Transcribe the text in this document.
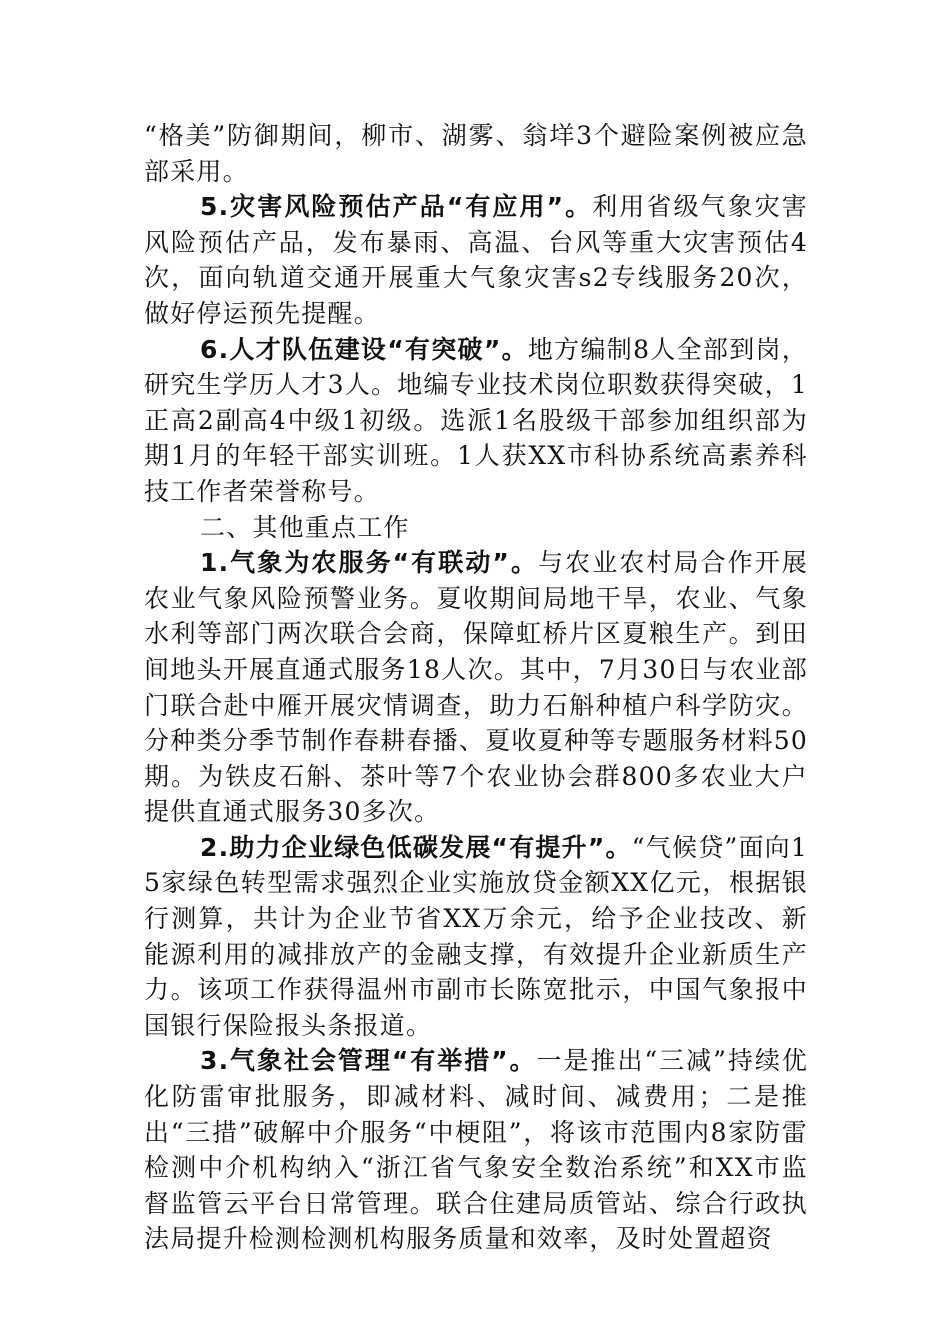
“格美”防御期间，柳市、湖雾、翁垟3个避险案例被应急部采用。

5.灾害风险预估产品“有应用”。利用省级气象灾害风险预估产品，发布暴雨、高温、台风等重大灾害预估4次，面向轨道交通开展重大气象灾害s2专线服务20次，做好停运预先提醒。

6.人才队伍建设“有突破”。地方编制8人全部到岗，研究生学历人才3人。地编专业技术岗位职数获得突破，1正高2副高4中级1初级。选派1名股级干部参加组织部为期1月的年轻干部实训班。1人获XX市科协系统高素养科技工作者荣誉称号。

二、其他重点工作

1.气象为农服务“有联动”。与农业农村局合作开展农业气象风险预警业务。夏收期间局地干旱，农业、气象水利等部门两次联合会商，保障虹桥片区夏粮生产。到田间地头开展直通式服务18人次。其中，7月30日与农业部门联合赴中雁开展灾情调查，助力石斛种植户科学防灾。分种类分季节制作春耕春播、夏收夏种等专题服务材料50期。为铁皮石斛、茶叶等7个农业协会群800多农业大户提供直通式服务30多次。

2.助力企业绿色低碳发展“有提升”。“气候贷”面向15家绿色转型需求强烈企业实施放贷金额XX亿元，根据银行测算，共计为企业节省XX万余元，给予企业技改、新能源利用的减排放产的金融支撑，有效提升企业新质生产力。该项工作获得温州市副市长陈宽批示，中国气象报中国银行保险报头条报道。

3.气象社会管理“有举措”。一是推出“三减”持续优化防雷审批服务，即减材料、减时间、减费用；二是推出“三措”破解中介服务“中梗阻”，将该市范围内8家防雷检测中介机构纳入“浙江省气象安全数治系统”和XX市监督监管云平台日常管理。联合住建局质管站、综合行政执法局提升检测检测机构服务质量和效率，及时处置超资
